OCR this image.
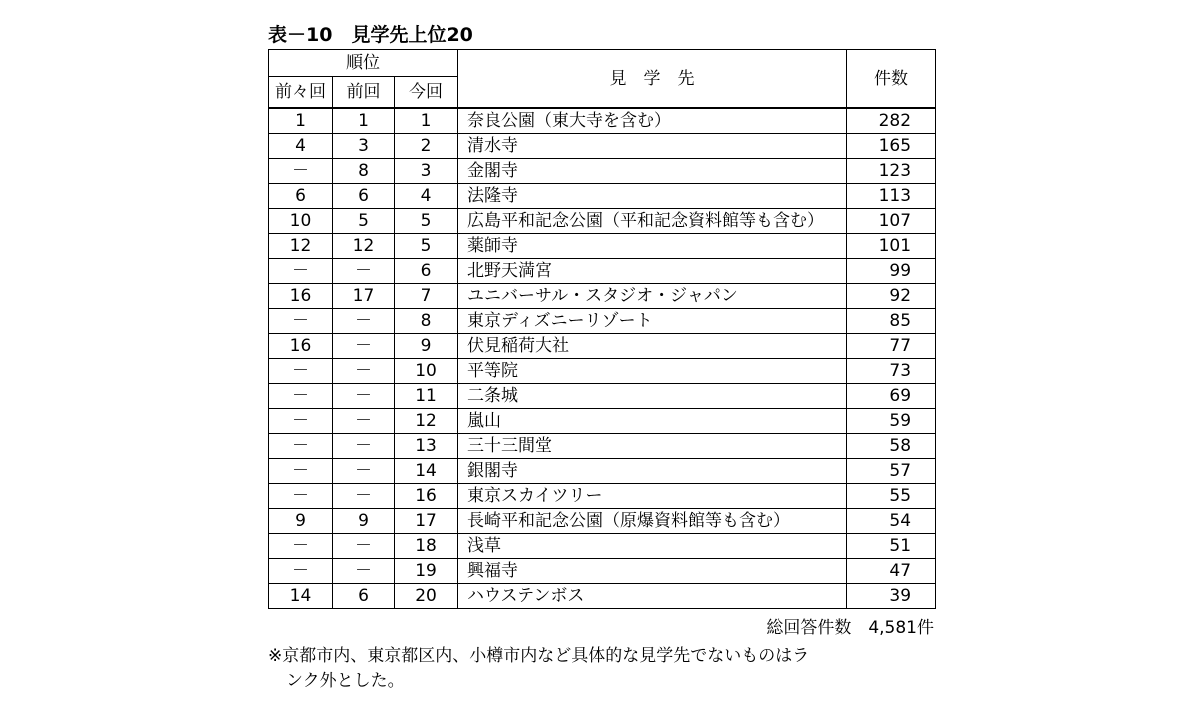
表－10　見学先上位20
順位			見　学　先	件数
前々回	前回	今回		
1	1	1	奈良公園（東大寺を含む）	282
4	3	2	清水寺	165
－	8	3	金閣寺	123
6	6	4	法隆寺	113
10	5	5	広島平和記念公園（平和記念資料館等も含む）	107
12	12	5	薬師寺	101
－	－	6	北野天満宮	99
16	17	7	ユニバーサル・スタジオ・ジャパン	92
－	－	8	東京ディズニーリゾート	85
16	－	9	伏見稲荷大社	77
－	－	10	平等院	73
－	－	11	二条城	69
－	－	12	嵐山	59
－	－	13	三十三間堂	58
－	－	14	銀閣寺	57
－	－	16	東京スカイツリー	55
9	9	17	長崎平和記念公園（原爆資料館等も含む）	54
－	－	18	浅草	51
－	－	19	興福寺	47
14	6	20	ハウステンボス	39
総回答件数　4,581件
※京都市内、東京都区内、小樽市内など具体的な見学先でないものはラ
ンク外とした。
